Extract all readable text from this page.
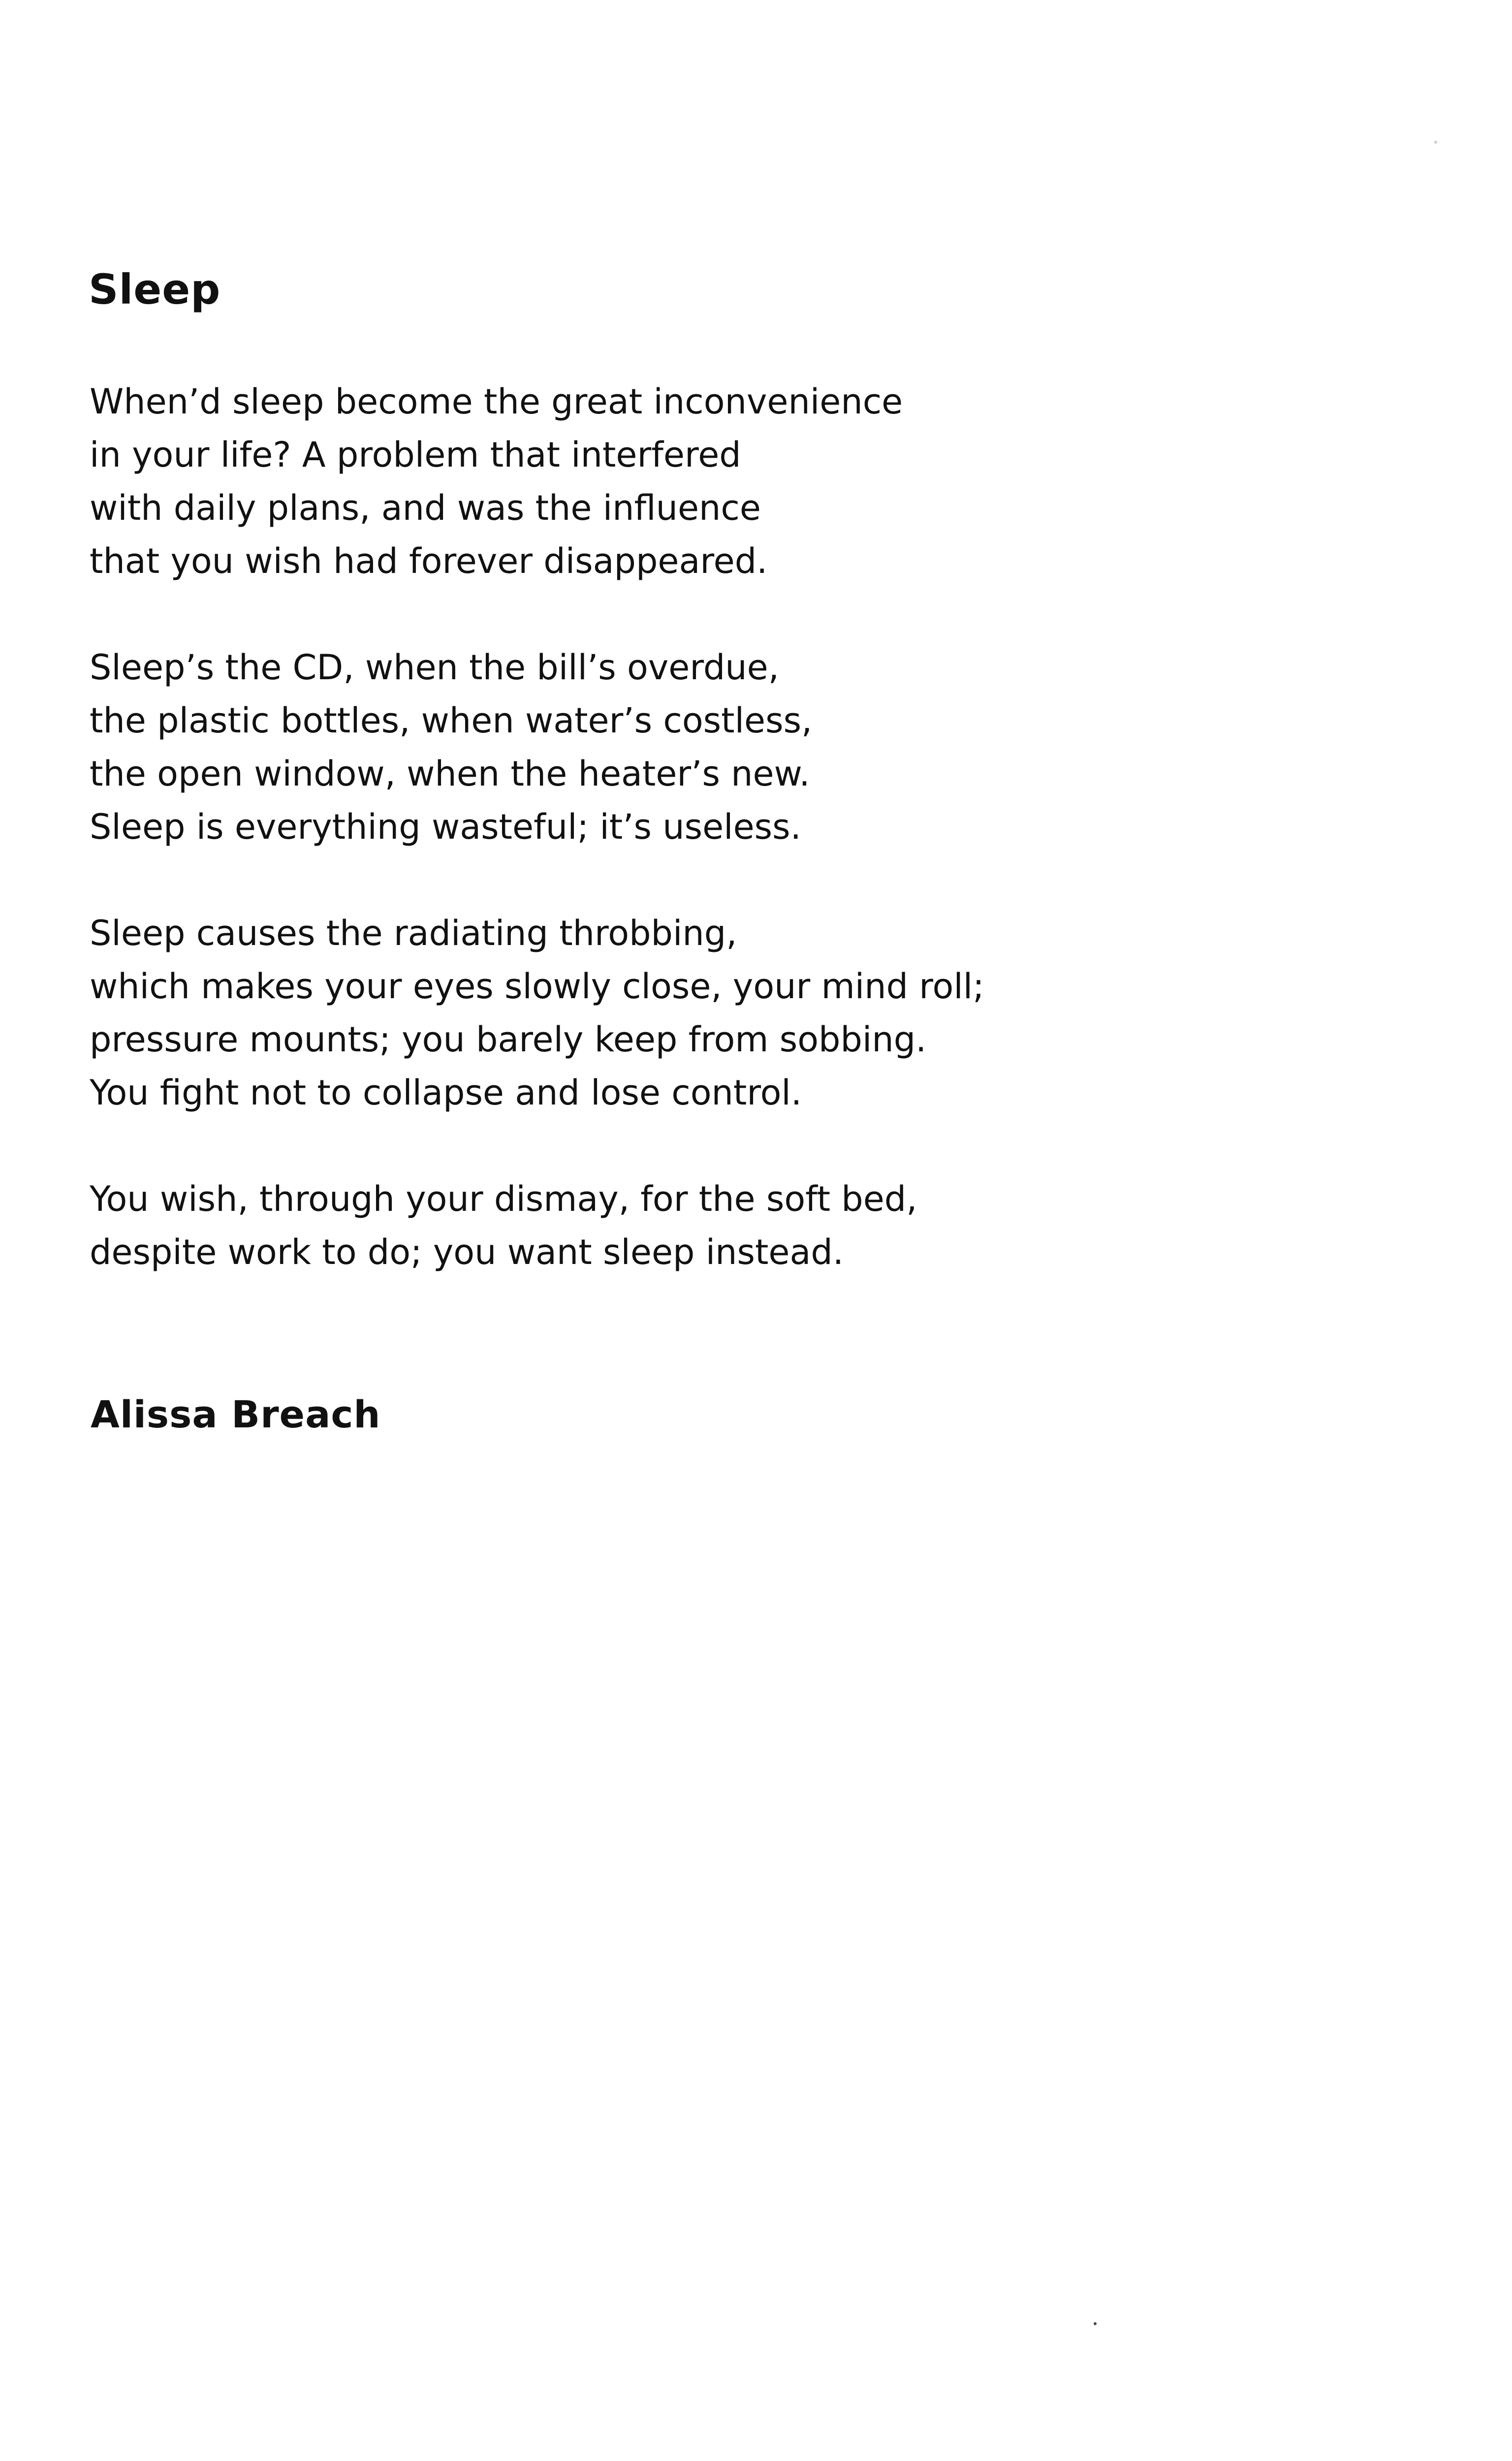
Sleep

When’d sleep become the great inconvenience
in your life? A problem that interfered
with daily plans, and was the influence
that you wish had forever disappeared.

Sleep’s the CD, when the bill’s overdue,
the plastic bottles, when water’s costless,
the open window, when the heater’s new.
Sleep is everything wasteful; it’s useless.

Sleep causes the radiating throbbing,
which makes your eyes slowly close, your mind roll;
pressure mounts; you barely keep from sobbing.
You fight not to collapse and lose control.

You wish, through your dismay, for the soft bed,
despite work to do; you want sleep instead.

Alissa Breach
